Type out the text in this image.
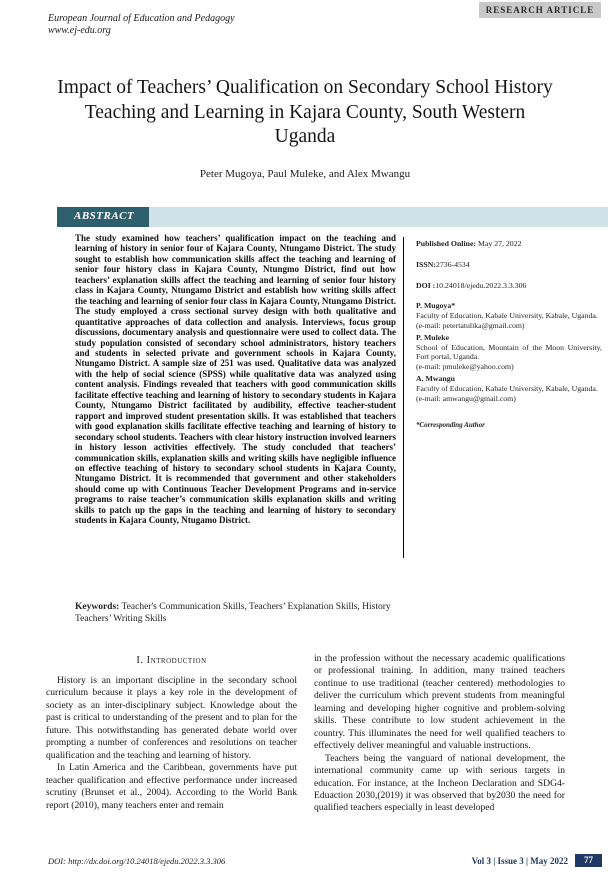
RESEARCH ARTICLE
European Journal of Education and Pedagogy
www.ej-edu.org
Impact of Teachers’ Qualification on Secondary School History Teaching and Learning in Kajara County, South Western Uganda
Peter Mugoya, Paul Muleke, and Alex Mwangu
ABSTRACT
The study examined how teachers’ qualification impact on the teaching and learning of history in senior four of Kajara County, Ntungamo District. The study sought to establish how communication skills affect the teaching and learning of senior four history class in Kajara County, Ntungmo District, find out how teachers’ explanation skills affect the teaching and learning of senior four history class in Kajara County, Ntungamo District and establish how writing skills affect the teaching and learning of senior four class in Kajara County, Ntungamo District. The study employed a cross sectional survey design with both qualitative and quantitative approaches of data collection and analysis. Interviews, focus group discussions, documentary analysis and questionnaire were used to collect data. The study population consisted of secondary school administrators, history teachers and students in selected private and government schools in Kajara County, Ntungamo District. A sample size of 251 was used. Qualitative data was analyzed with the help of social science (SPSS) while qualitative data was analyzed using content analysis. Findings revealed that teachers with good communication skills facilitate effective teaching and learning of history to secondary students in Kajara County, Ntungamo District facilitated by audibility, effective teacher-student rapport and improved student presentation skills. It was established that teachers with good explanation skills facilitate effective teaching and learning of history to secondary school students. Teachers with clear history instruction involved learners in history lesson activities effectively. The study concluded that teachers’ communication skills, explanation skills and writing skills have negligible influence on effective teaching of history to secondary school students in Kajara County, Ntungamo District. It is recommended that government and other stakeholders should come up with Continuous Teacher Development Programs and in-service programs to raise teacher’s communication skills explanation skills and writing skills to patch up the gaps in the teaching and learning of history to secondary students in Kajara County, Ntugamo District.
Keywords: Teacher's Communication Skills, Teachers’ Explanation Skills, History Teachers’ Writing Skills
Published Online: May 27, 2022
ISSN:2736-4534
DOI :10.24018/ejedu.2022.3.3.306
P. Mugoya*
Faculty of Education, Kabale University, Kabale, Uganda.
(e-mail: petertatulika@gmail.com)
P. Muleke
School of Education, Mountain of the Moon University, Fort portal, Uganda.
(e-mail: pmuleke@yahoo.com)
A. Mwangu
Faculty of Education, Kabale University, Kabale, Uganda.
(e-mail: amwangu@gmail.com)
*Corresponding Author
I. Introduction

History is an important discipline in the secondary school curriculum because it plays a key role in the development of society as an inter-disciplinary subject. Knowledge about the past is critical to understanding of the present and to plan for the future. This notwithstanding has generated debate world over prompting a number of conferences and resolutions on teacher qualification and the teaching and learning of history.

In Latin America and the Caribbean, governments have put teacher qualification and effective performance under increased scrutiny (Brunset et al., 2004). According to the World Bank report (2010), many teachers enter and remain

in the profession without the necessary academic qualifications or professional training. In addition, many trained teachers continue to use traditional (teacher centered) methodologies to deliver the curriculum which prevent students from meaningful learning and developing higher cognitive and problem-solving skills. These contribute to low student achievement in the country. This illuminates the need for well qualified teachers to effectively deliver meaningful and valuable instructions.

Teachers being the vanguard of national development, the international community came up with serious targets in education. For instance, at the Incheon Declaration and SDG4-Eduaction 2030,(2019) it was observed that by2030 the need for qualified teachers especially in least developed

DOI: http://dx.doi.org/10.24018/ejedu.2022.3.3.306	Vol 3 | Issue 3 | May 2022	77
